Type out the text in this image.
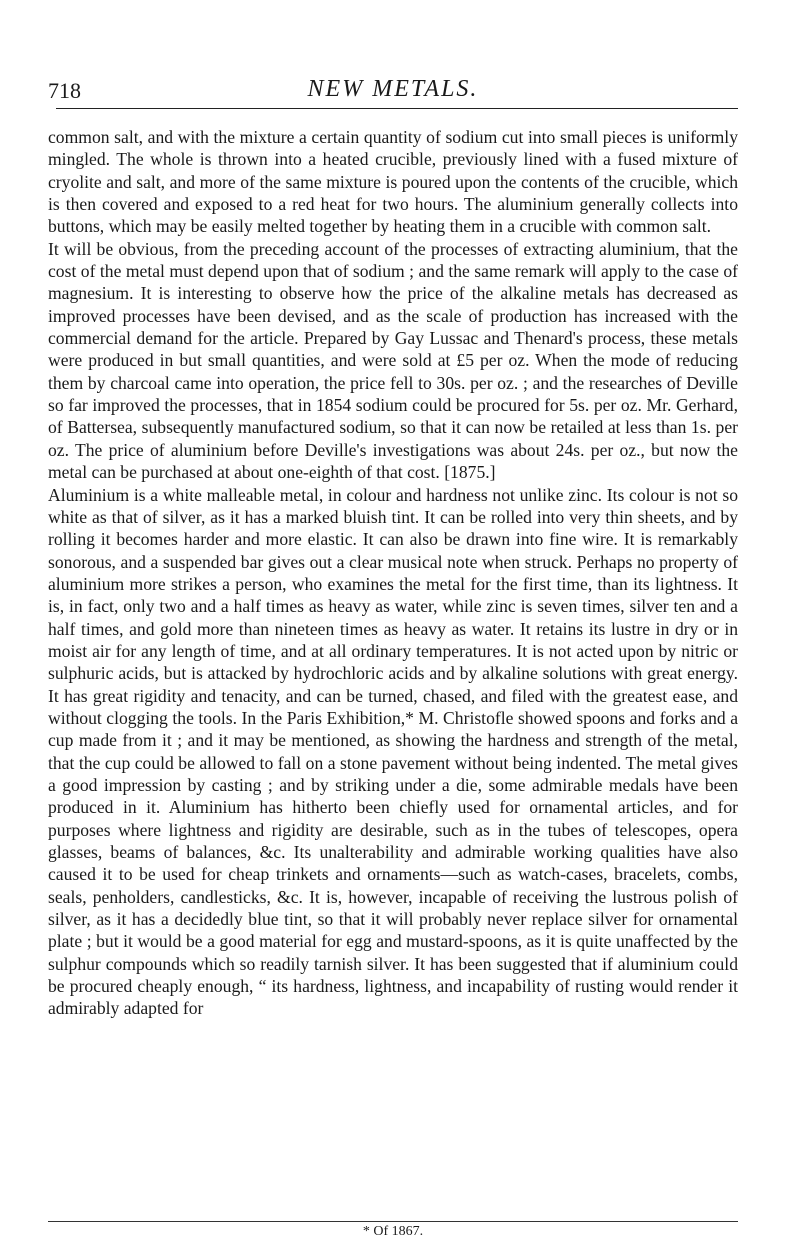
718	NEW METALS.

common salt, and with the mixture a certain quantity of sodium cut into small pieces is uniformly mingled. The whole is thrown into a heated crucible, previously lined with a fused mixture of cryolite and salt, and more of the same mixture is poured upon the contents of the crucible, which is then covered and exposed to a red heat for two hours. The aluminium generally collects into buttons, which may be easily melted together by heating them in a crucible with common salt.

It will be obvious, from the preceding account of the processes of extracting aluminium, that the cost of the metal must depend upon that of sodium ; and the same remark will apply to the case of magnesium. It is interesting to observe how the price of the alkaline metals has decreased as improved processes have been devised, and as the scale of production has increased with the commercial demand for the article. Prepared by Gay Lussac and Thenard's process, these metals were produced in but small quantities, and were sold at £5 per oz. When the mode of reducing them by charcoal came into operation, the price fell to 30s. per oz. ; and the researches of Deville so far improved the processes, that in 1854 sodium could be procured for 5s. per oz. Mr. Gerhard, of Battersea, subsequently manufactured sodium, so that it can now be retailed at less than 1s. per oz. The price of aluminium before Deville's investigations was about 24s. per oz., but now the metal can be purchased at about one-eighth of that cost. [1875.]

Aluminium is a white malleable metal, in colour and hardness not unlike zinc. Its colour is not so white as that of silver, as it has a marked bluish tint. It can be rolled into very thin sheets, and by rolling it becomes harder and more elastic. It can also be drawn into fine wire. It is remarkably sonorous, and a suspended bar gives out a clear musical note when struck. Perhaps no property of aluminium more strikes a person, who examines the metal for the first time, than its lightness. It is, in fact, only two and a half times as heavy as water, while zinc is seven times, silver ten and a half times, and gold more than nineteen times as heavy as water. It retains its lustre in dry or in moist air for any length of time, and at all ordinary temperatures. It is not acted upon by nitric or sulphuric acids, but is attacked by hydrochloric acids and by alkaline solutions with great energy. It has great rigidity and tenacity, and can be turned, chased, and filed with the greatest ease, and without clogging the tools. In the Paris Exhibition,* M. Christofle showed spoons and forks and a cup made from it ; and it may be mentioned, as showing the hardness and strength of the metal, that the cup could be allowed to fall on a stone pavement without being indented. The metal gives a good impression by casting ; and by striking under a die, some admirable medals have been produced in it. Aluminium has hitherto been chiefly used for ornamental articles, and for purposes where lightness and rigidity are desirable, such as in the tubes of telescopes, opera glasses, beams of balances, &c. Its unalterability and admirable working qualities have also caused it to be used for cheap trinkets and ornaments—such as watch-cases, bracelets, combs, seals, penholders, candlesticks, &c. It is, however, incapable of receiving the lustrous polish of silver, as it has a decidedly blue tint, so that it will probably never replace silver for ornamental plate ; but it would be a good material for egg and mustard-spoons, as it is quite unaffected by the sulphur compounds which so readily tarnish silver. It has been suggested that if aluminium could be procured cheaply enough, “ its hardness, lightness, and incapability of rusting would render it admirably adapted for

* Of 1867.
